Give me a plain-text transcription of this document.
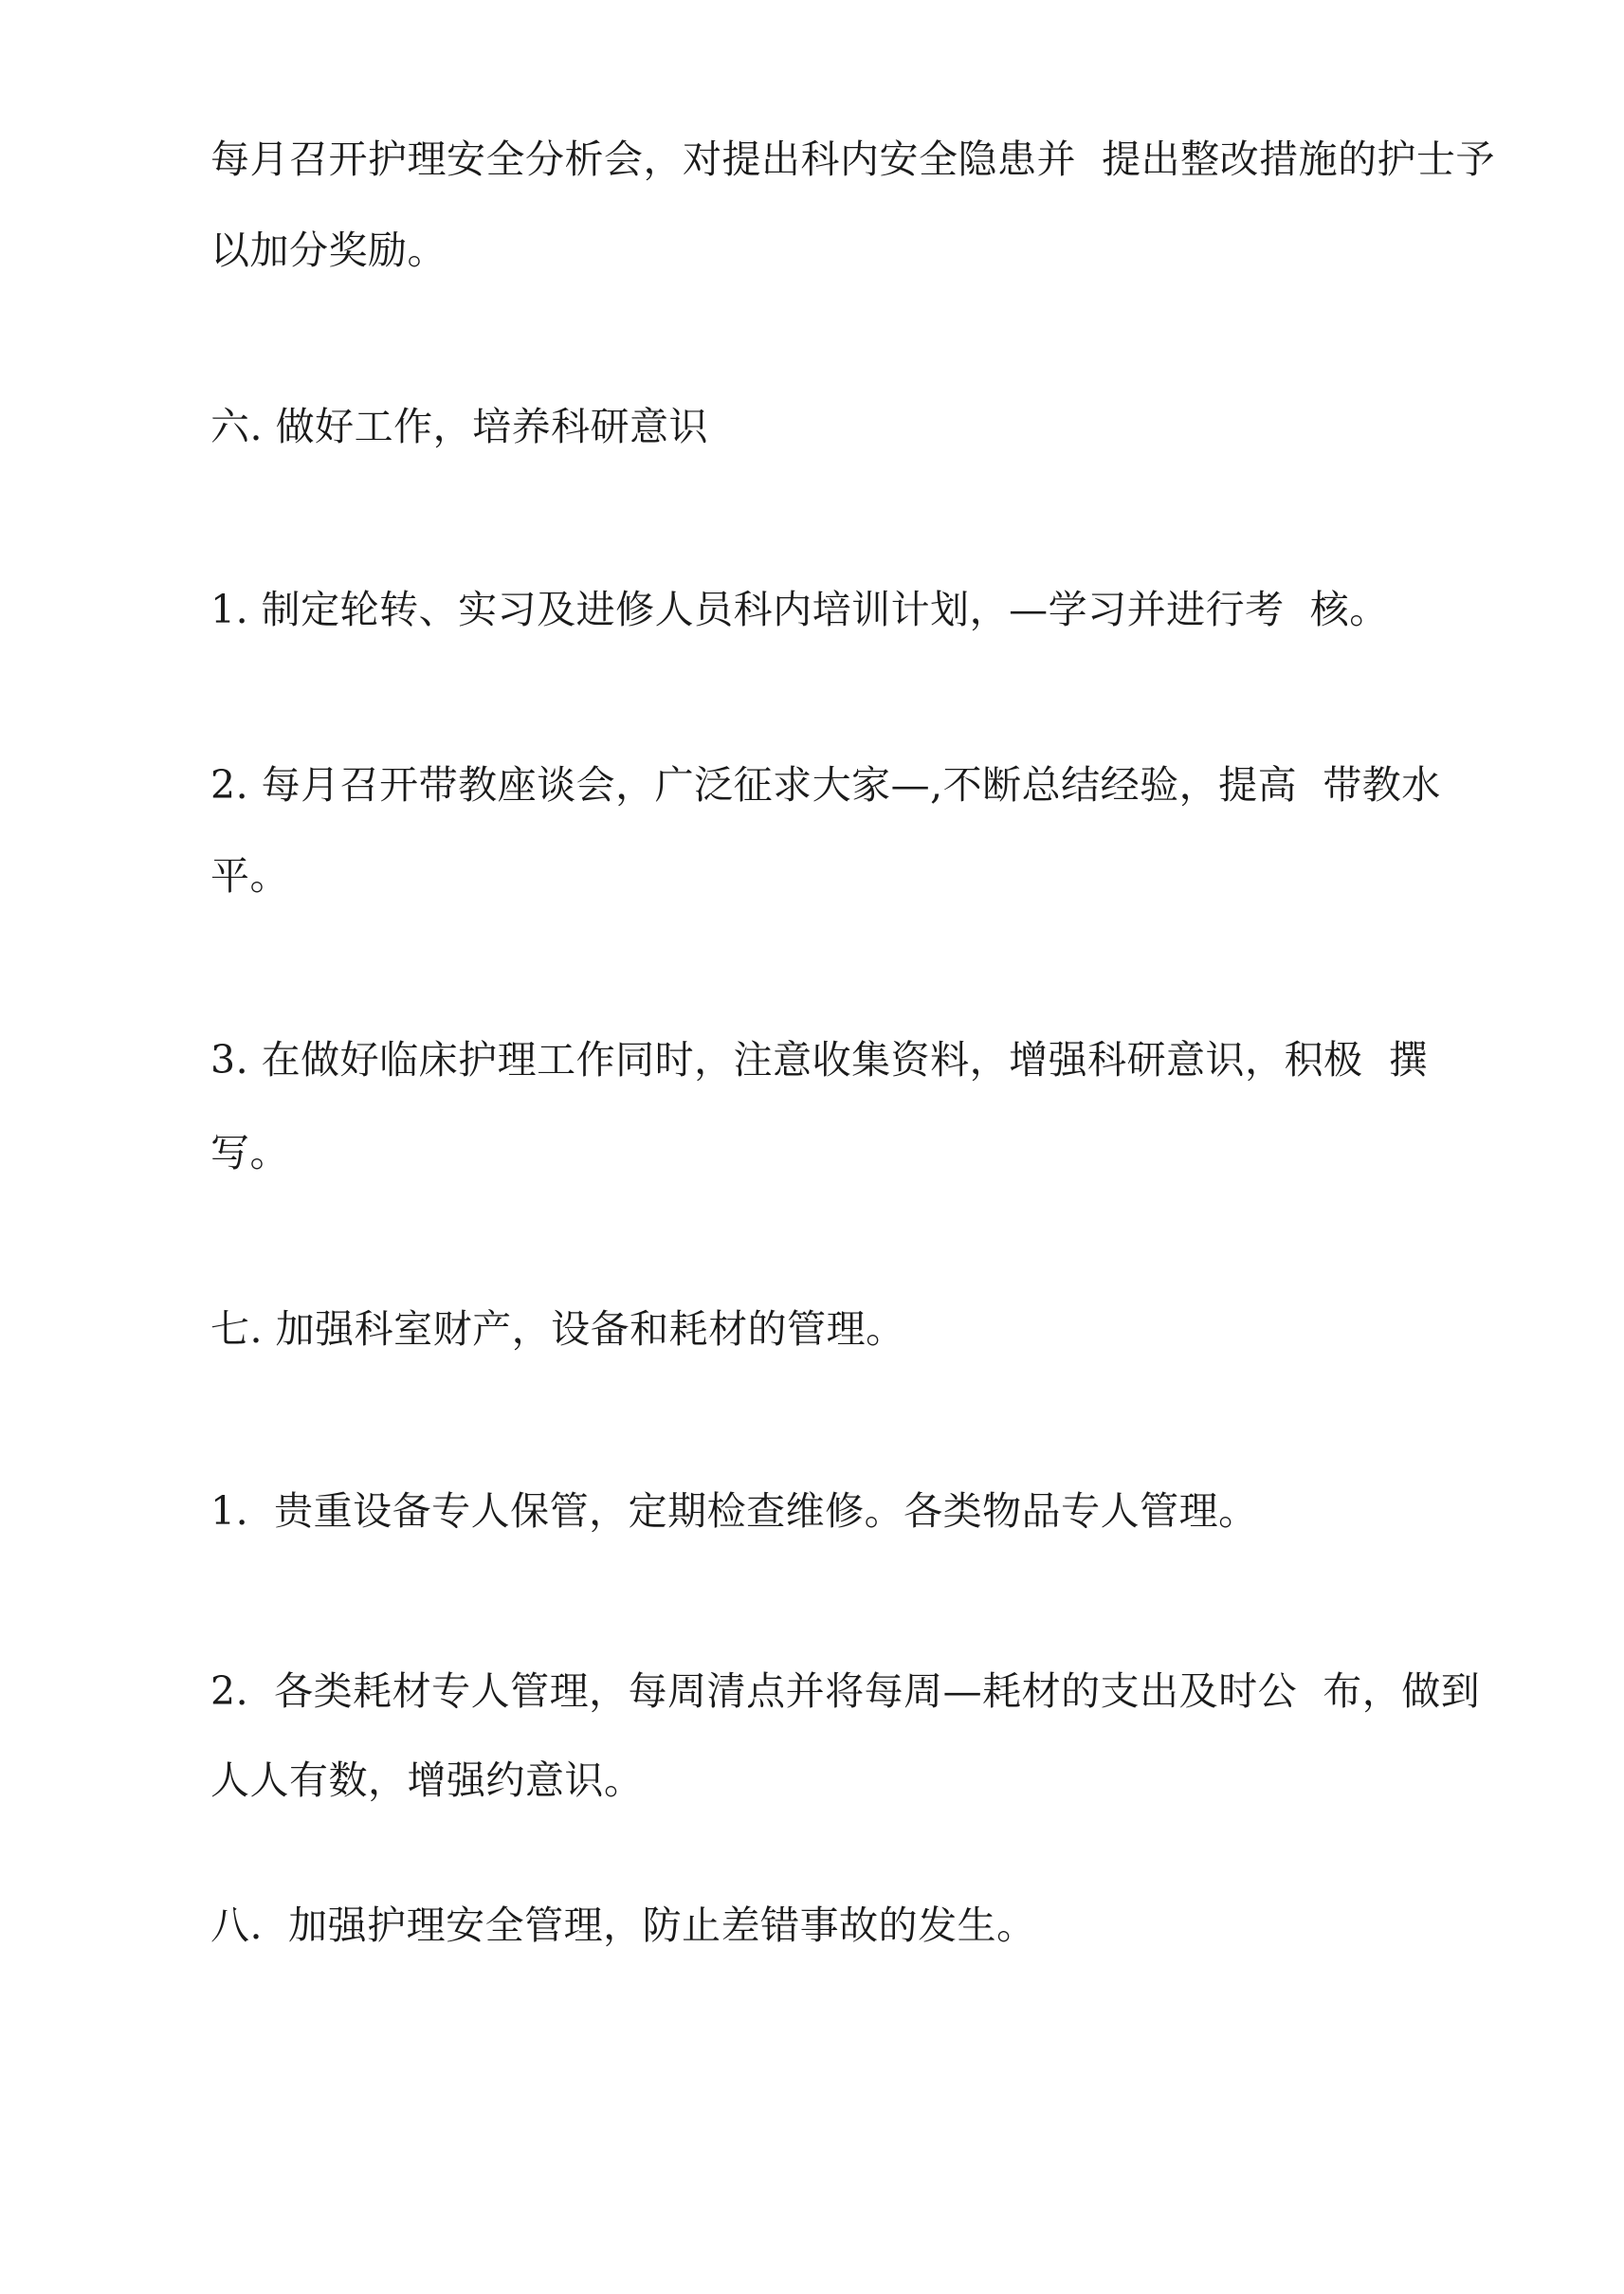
每月召开护理安全分析会，对提出科内安全隐患并  提出整改措施的护士予
以加分奖励。
六. 做好工作，培养科研意识
1. 制定轮转、实习及进修人员科内培训计划，—学习并进行考  核。
2. 每月召开带教座谈会，广泛征求大家—,不断总结经验，提高  带教水
平。
3. 在做好临床护理工作同时，注意收集资料，增强科研意识，积极  撰
写。
七. 加强科室财产，设备和耗材的管理。
1.  贵重设备专人保管，定期检查维修。各类物品专人管理。
2.  各类耗材专人管理，每周清点并将每周—耗材的支出及时公  布，做到
人人有数，增强约意识。
八.  加强护理安全管理，防止差错事故的发生。
